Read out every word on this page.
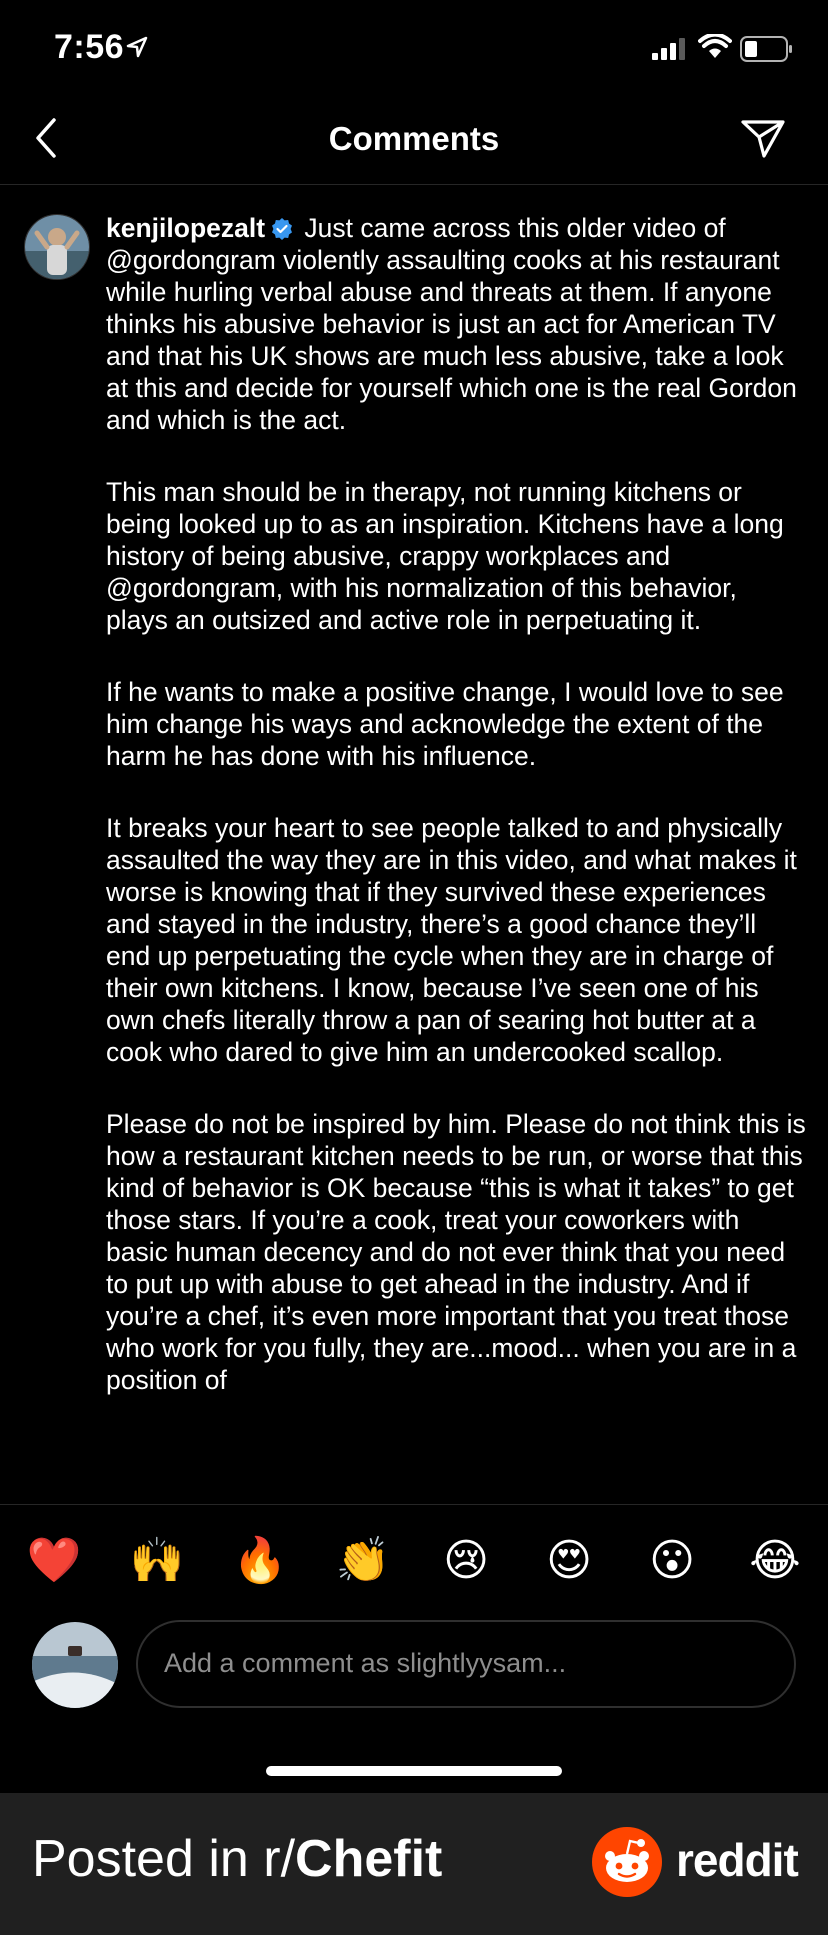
7:56
Comments

kenjilopezalt Just came across this older video of @gordongram violently assaulting cooks at his restaurant while hurling verbal abuse and threats at them. If anyone thinks his abusive behavior is just an act for American TV and that his UK shows are much less abusive, take a look at this and decide for yourself which one is the real Gordon and which is the act.

This man should be in therapy, not running kitchens or being looked up to as an inspiration. Kitchens have a long history of being abusive, crappy workplaces and @gordongram, with his normalization of this behavior, plays an outsized and active role in perpetuating it.

If he wants to make a positive change, I would love to see him change his ways and acknowledge the extent of the harm he has done with his influence.

It breaks your heart to see people talked to and physically assaulted the way they are in this video, and what makes it worse is knowing that if they survived these experiences and stayed in the industry, there’s a good chance they’ll end up perpetuating the cycle when they are in charge of their own kitchens. I know, because I’ve seen one of his own chefs literally throw a pan of searing hot butter at a cook who dared to give him an undercooked scallop.

Please do not be inspired by him. Please do not think this is how a restaurant kitchen needs to be run, or worse that this kind of behavior is OK because “this is what it takes” to get those stars. If you’re a cook, treat your coworkers with basic human decency and do not ever think that you need to put up with abuse to get ahead in the industry. And if you’re a chef, it’s even more important that you treat those who work for you fully, they are...mood... when you are in a position of

❤️ 🙌 🔥 👏 😢 😍 😮 😂
Add a comment as slightlyysam...
Posted in r/Chefit	reddit
